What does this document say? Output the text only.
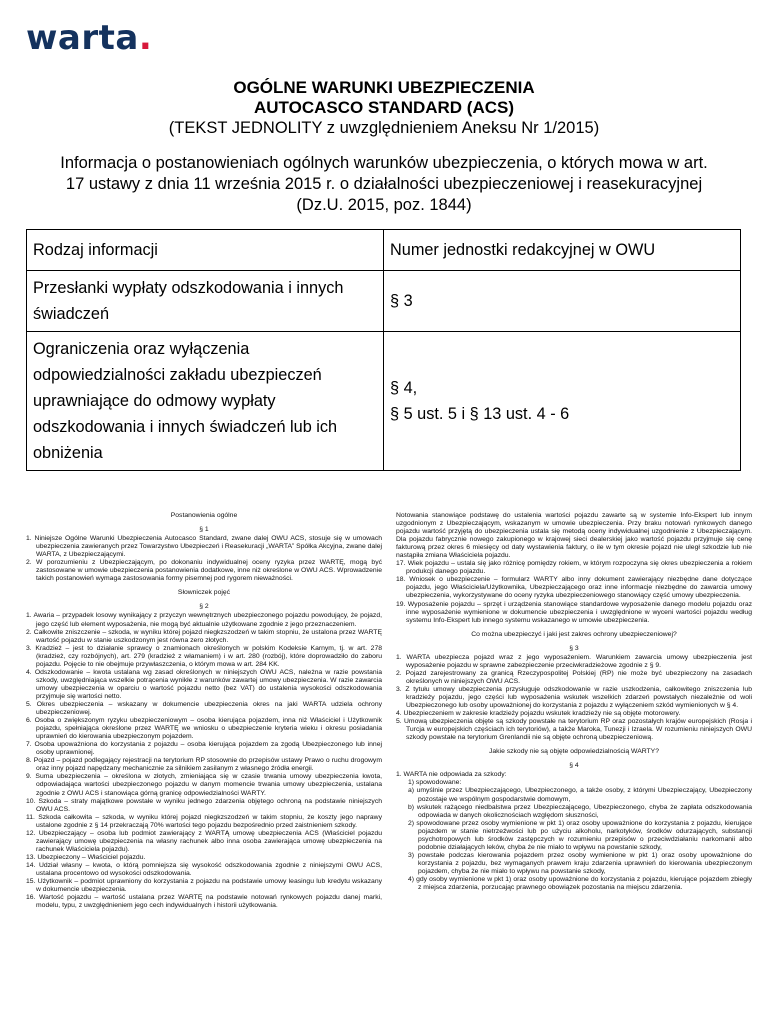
warta.
OGÓLNE WARUNKI UBEZPIECZENIA
AUTOCASCO STANDARD (ACS)
(TEKST JEDNOLITY z uwzględnieniem Aneksu Nr 1/2015)
Informacja o postanowieniach ogólnych warunków ubezpieczenia, o których mowa w art. 17 ustawy z dnia 11 września 2015 r. o działalności ubezpieczeniowej i reasekuracyjnej (Dz.U. 2015, poz. 1844)
Rodzaj informacji	Numer jednostki redakcyjnej w OWU
Przesłanki wypłaty odszkodowania i innych świadczeń	§ 3
Ograniczenia oraz wyłączenia odpowiedzialności zakładu ubezpieczeń uprawniające do odmowy wypłaty odszkodowania i innych świadczeń lub ich obniżenia	§ 4,
§ 5 ust. 5 i § 13 ust. 4 - 6
Postanowienia ogólne
§ 1
1. Niniejsze Ogólne Warunki Ubezpieczenia Autocasco Standard, zwane dalej OWU ACS, stosuje się w umowach ubezpieczenia zawieranych przez Towarzystwo Ubezpieczeń i Reasekuracji „WARTA” Spółka Akcyjna, zwane dalej WARTA, z Ubezpieczającymi.
2. W porozumieniu z Ubezpieczającym, po dokonaniu indywidualnej oceny ryzyka przez WARTĘ, mogą być zastosowane w umowie ubezpieczenia postanowienia dodatkowe, inne niż określone w OWU ACS. Wprowadzenie takich postanowień wymaga zastosowania formy pisemnej pod rygorem nieważności.
Słowniczek pojęć
§ 2
1. Awaria – przypadek losowy wynikający z przyczyn wewnętrznych ubezpieczonego pojazdu powodujący, że pojazd, jego część lub element wyposażenia, nie mogą być aktualnie użytkowane zgodnie z jego przeznaczeniem.
2. Całkowite zniszczenie – szkoda, w wyniku której pojazd niegkzszodzeń w takim stopniu, że ustalona przez WARTĘ wartość pojazdu w stanie uszkodzonym jest równa zero złotych.
3. Kradzież – jest to działanie sprawcy o znamionach określonych w polskim Kodeksie Karnym, tj. w art. 278 (kradzież, czy rozbójnych), art. 279 (kradzież z włamaniem) i w art. 280 (rozbój), które doprowadziło do zaboru pojazdu. Pojęcie to nie obejmuje przywłaszczenia, o którym mowa w art. 284 KK.
4. Odszkodowanie – kwota ustalana wg zasad określonych w niniejszych OWU ACS, należna w razie powstania szkody, uwzględniająca wszelkie potrącenia wynikłe z warunków zawartej umowy ubezpieczenia. W razie zawarcia umowy ubezpieczenia w oparciu o wartość pojazdu netto (bez VAT) do ustalenia wysokości odszkodowania przyjmuje się wartości netto.
5. Okres ubezpieczenia – wskazany w dokumencie ubezpieczenia okres na jaki WARTA udziela ochrony ubezpieczeniowej.
6. Osoba o zwiększonym ryzyku ubezpieczeniowym – osoba kierująca pojazdem, inna niż Właściciel i Użytkownik pojazdu, spełniająca określone przez WARTĘ we wniosku o ubezpieczenie kryteria wieku i okresu posiadania uprawnień do kierowania ubezpieczonym pojazdem.
7. Osoba upoważniona do korzystania z pojazdu – osoba kierująca pojazdem za zgodą Ubezpieczonego lub innej osoby uprawnionej.
8. Pojazd – pojazd podlegający rejestracji na terytorium RP stosownie do przepisów ustawy Prawo o ruchu drogowym oraz inny pojazd napędzany mechanicznie za silnikiem zasilanym z własnego źródła energii.
9. Suma ubezpieczenia – określona w złotych, zmieniająca się w czasie trwania umowy ubezpieczenia kwota, odpowiadająca wartości ubezpieczonego pojazdu w danym momencie trwania umowy ubezpieczenia, ustalana zgodnie z OWU ACS i stanowiąca górną granicę odpowiedzialności WARTY.
10. Szkoda – straty majątkowe powstałe w wyniku jednego zdarzenia objętego ochroną na podstawie niniejszych OWU ACS.
11. Szkoda całkowita – szkoda, w wyniku której pojazd niegkzszodzeń w takim stopniu, że koszty jego naprawy ustalone zgodnie z § 14 przekraczają 70% wartości tego pojazdu bezpośrednio przed zaistnieniem szkody.
12. Ubezpieczający – osoba lub podmiot zawierający z WARTĄ umowę ubezpieczenia ACS (Właściciel pojazdu zawierający umowę ubezpieczenia na własny rachunek albo inna osoba zawierająca umowę ubezpieczenia na rachunek Właściciela pojazdu).
13. Ubezpieczony – Właściciel pojazdu.
14. Udział własny – kwota, o którą pomniejsza się wysokość odszkodowania zgodnie z niniejszymi OWU ACS, ustalana procentowo od wysokości odszkodowania.
15. Użytkownik – podmiot uprawniony do korzystania z pojazdu na podstawie umowy leasingu lub kredytu wskazany w dokumencie ubezpieczenia.
16. Wartość pojazdu – wartość ustalana przez WARTĘ na podstawie notowań rynkowych pojazdu danej marki, modelu, typu, z uwzględnieniem jego cech indywidualnych i historii użytkowania.
Notowania stanowiące podstawę do ustalenia wartości pojazdu zawarte są w systemie Info-Ekspert lub innym uzgodnionym z Ubezpieczającym, wskazanym w umowie ubezpieczenia. Przy braku notowań rynkowych danego pojazdu wartość przyjętą do ubezpieczenia ustala się metodą oceny indywidualnej uzgodnienie z Ubezpieczającym. Dla pojazdu fabrycznie nowego zakupionego w krajowej sieci dealerskiej jako wartość pojazdu przyjmuje się cenę fakturową przez okres 6 miesięcy od daty wystawienia faktury, o ile w tym okresie pojazd nie uległ szkodzie lub nie nastąpiła zmiana Właściciela pojazdu.
17. Wiek pojazdu – ustala się jako różnicę pomiędzy rokiem, w którym rozpoczyna się okres ubezpieczenia a rokiem produkcji danego pojazdu.
18. Wniosek o ubezpieczenie – formularz WARTY albo inny dokument zawierający niezbędne dane dotyczące pojazdu, jego Właściciela/Użytkownika, Ubezpieczającego oraz inne informacje niezbędne do zawarcia umowy ubezpieczenia, wykorzystywane do oceny ryzyka ubezpieczeniowego stanowiący część umowy ubezpieczenia.
19. Wyposażenie pojazdu – sprzęt i urządzenia stanowiące standardowe wyposażenie danego modelu pojazdu oraz inne wyposażenie wymienione w dokumencie ubezpieczenia i uwzględnione w wyceni wartości pojazdu według systemu Info-Ekspert lub innego systemu wskazanego w umowie ubezpieczenia.
Co można ubezpieczyć i jaki jest zakres ochrony ubezpieczeniowej?
§ 3
1. WARTA ubezpiecza pojazd wraz z jego wyposażeniem. Warunkiem zawarcia umowy ubezpieczenia jest wyposażenie pojazdu w sprawne zabezpieczenie przeciwkradzieżowe zgodnie z § 9.
2. Pojazd zarejestrowany za granicą Rzeczypospolitej Polskiej (RP) nie może być ubezpieczony na zasadach określonych w niniejszych OWU ACS.
3. Z tytułu umowy ubezpieczenia przysługuje odszkodowanie w razie uszkodzenia, całkowitego zniszczenia lub kradzieży pojazdu, jego części lub wyposażenia wskutek wszelkich zdarzeń powstałych niezależnie od woli Ubezpieczonego lub osoby upoważnionej do korzystania z pojazdu z wyłączeniem szkód wymienionych w § 4.
4. Ubezpieczeniem w zakresie kradzieży pojazdu wskutek kradzieży nie są objęte motorowery.
5. Umową ubezpieczenia objęte są szkody powstałe na terytorium RP oraz pozostałych krajów europejskich (Rosja i Turcja w europejskich częściach ich terytoriów), a także Maroka, Tunezji i Izraela. W rozumieniu niniejszych OWU szkody powstałe na terytorium Grenlandii nie są objęte ochroną ubezpieczeniową.
Jakie szkody nie są objęte odpowiedzialnością WARTY?
§ 4
1. WARTA nie odpowiada za szkody:
1) spowodowane:
a) umyślnie przez Ubezpieczającego, Ubezpieczonego, a także osoby, z którymi Ubezpieczający, Ubezpieczony pozostaje we wspólnym gospodarstwie domowym,
b) wskutek rażącego niedbalstwa przez Ubezpieczającego, Ubezpieczonego, chyba że zapłata odszkodowania odpowiada w danych okolicznościach względom słuszności,
2) spowodowane przez osoby wymienione w pkt 1) oraz osoby upoważnione do korzystania z pojazdu, kierujące pojazdem w stanie nietrzeźwości lub po użyciu alkoholu, narkotyków, środków odurzających, substancji psychotropowych lub środków zastępczych w rozumieniu przepisów o przeciwdziałaniu narkomanii albo podobnie działających leków, chyba że nie miało to wpływu na powstanie szkody,
3) powstałe podczas kierowania pojazdem przez osoby wymienione w pkt 1) oraz osoby upoważnione do korzystania z pojazdu, bez wymaganych prawem kraju zdarzenia uprawnień do kierowania ubezpieczonym pojazdem, chyba że nie miało to wpływu na powstanie szkody,
4) gdy osoby wymienione w pkt 1) oraz osoby upoważnione do korzystania z pojazdu, kierujące pojazdem zbiegły z miejsca zdarzenia, porzucając prawnego obowiązek pozostania na miejscu zdarzenia.
